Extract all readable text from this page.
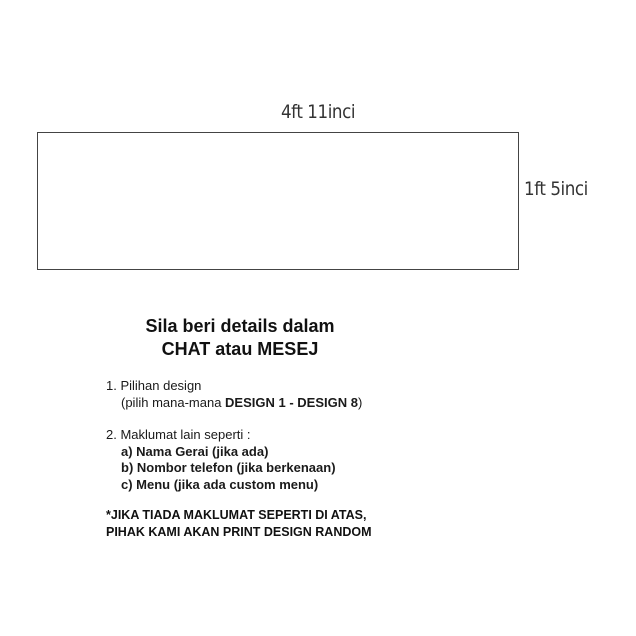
4ft 11inci
1ft 5inci
Sila beri details dalam
CHAT atau MESEJ
1. Pilihan design
(pilih mana-mana DESIGN 1 - DESIGN 8)
2. Maklumat lain seperti :
a) Nama Gerai (jika ada)
b) Nombor telefon (jika berkenaan)
c) Menu (jika ada custom menu)
*JIKA TIADA MAKLUMAT SEPERTI DI ATAS,
PIHAK KAMI AKAN PRINT DESIGN RANDOM
